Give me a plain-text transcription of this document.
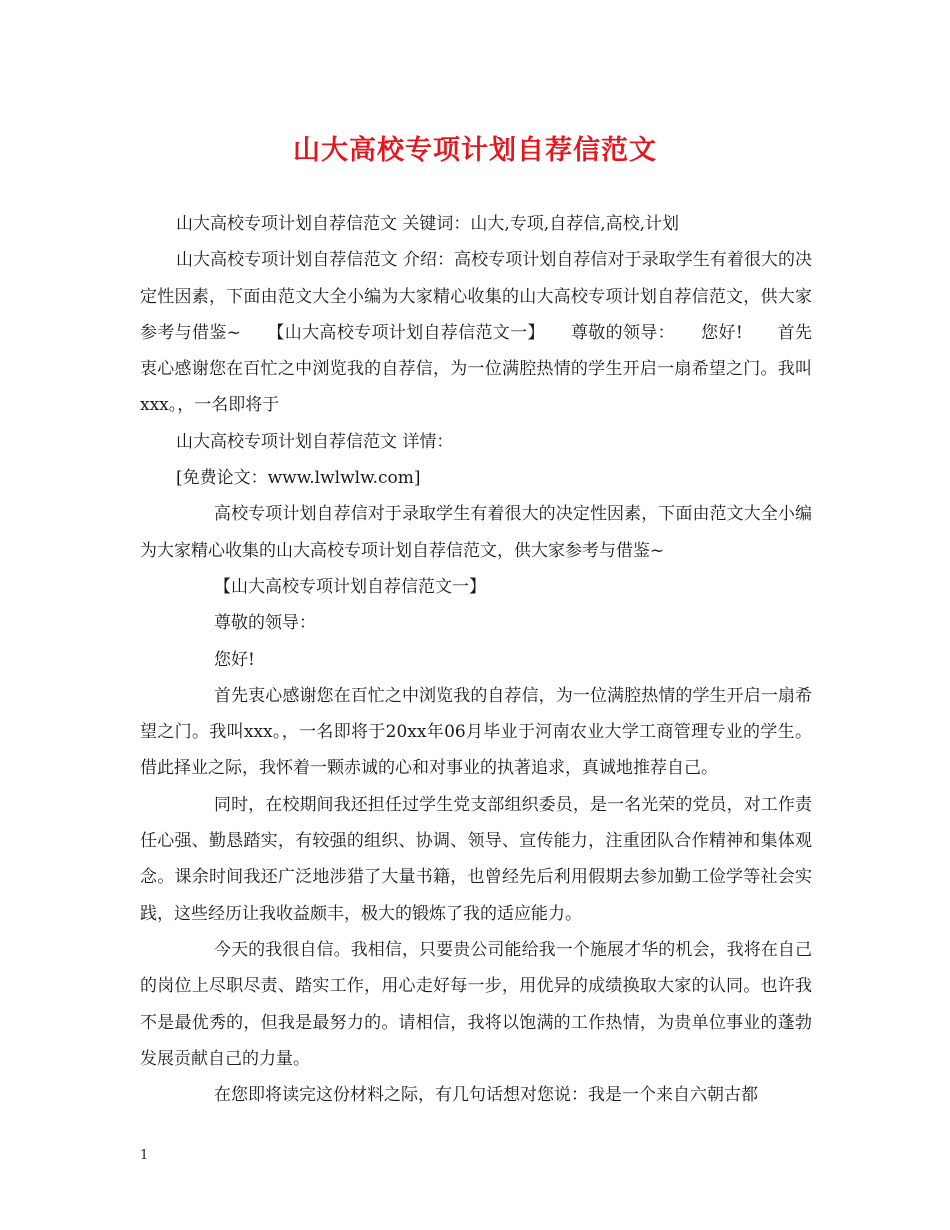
山大高校专项计划自荐信范文

山大高校专项计划自荐信范文 关键词：山大,专项,自荐信,高校,计划

山大高校专项计划自荐信范文 介绍：高校专项计划自荐信对于录取学生有着很大的决定性因素，下面由范文大全小编为大家精心收集的山大高校专项计划自荐信范文，供大家参考与借鉴~　　【山大高校专项计划自荐信范文一】　　尊敬的领导：　　您好!　　首先衷心感谢您在百忙之中浏览我的自荐信，为一位满腔热情的学生开启一扇希望之门。我叫xxx。，一名即将于

山大高校专项计划自荐信范文 详情：

[免费论文：www.lwlwlw.com]

高校专项计划自荐信对于录取学生有着很大的决定性因素，下面由范文大全小编为大家精心收集的山大高校专项计划自荐信范文，供大家参考与借鉴~

【山大高校专项计划自荐信范文一】

尊敬的领导：

您好!

首先衷心感谢您在百忙之中浏览我的自荐信，为一位满腔热情的学生开启一扇希望之门。我叫xxx。，一名即将于20xx年06月毕业于河南农业大学工商管理专业的学生。借此择业之际，我怀着一颗赤诚的心和对事业的执著追求，真诚地推荐自己。

同时，在校期间我还担任过学生党支部组织委员，是一名光荣的党员，对工作责任心强、勤恳踏实，有较强的组织、协调、领导、宣传能力，注重团队合作精神和集体观念。课余时间我还广泛地涉猎了大量书籍，也曾经先后利用假期去参加勤工俭学等社会实践，这些经历让我收益颇丰，极大的锻炼了我的适应能力。

今天的我很自信。我相信，只要贵公司能给我一个施展才华的机会，我将在自己的岗位上尽职尽责、踏实工作，用心走好每一步，用优异的成绩换取大家的认同。也许我不是最优秀的，但我是最努力的。请相信，我将以饱满的工作热情，为贵单位事业的蓬勃发展贡献自己的力量。

在您即将读完这份材料之际，有几句话想对您说：我是一个来自六朝古都

1
